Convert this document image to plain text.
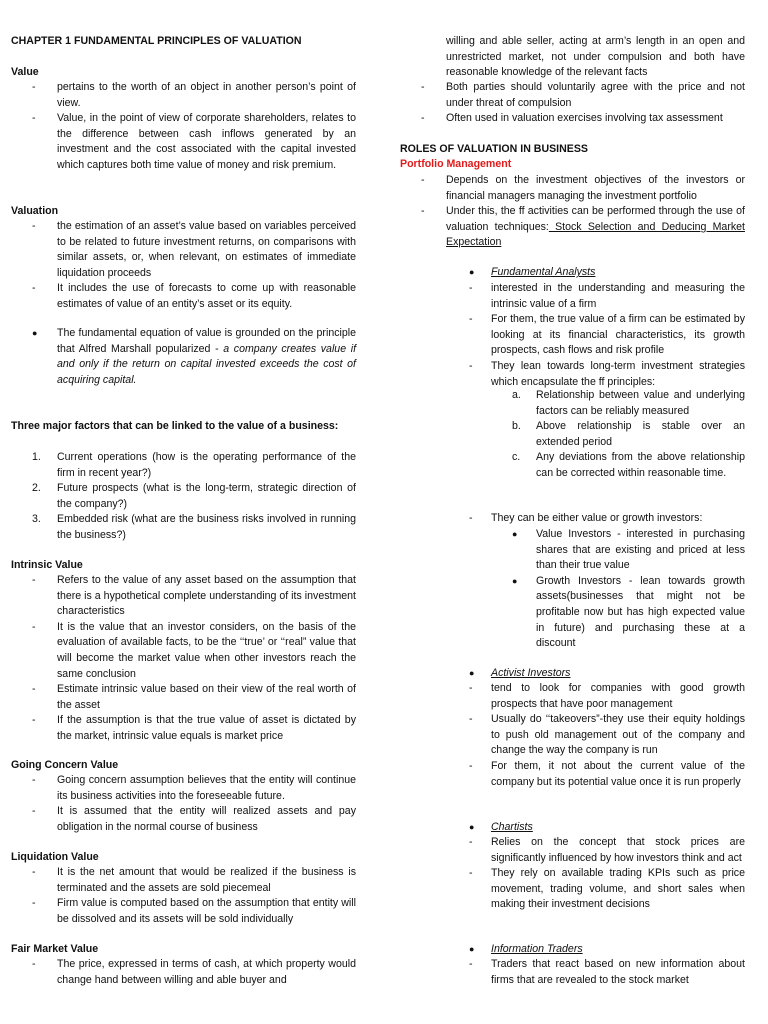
CHAPTER 1 FUNDAMENTAL PRINCIPLES OF VALUATION
Value
- pertains to the worth of an object in another person’s point of view.
- Value, in the point of view of corporate shareholders, relates to the difference between cash inflows generated by an investment and the cost associated with the capital invested which captures both time value of money and risk premium.
Valuation
- the estimation of an asset’s value based on variables perceived to be related to future investment returns, on comparisons with similar assets, or, when relevant, on estimates of immediate liquidation proceeds
- It includes the use of forecasts to come up with reasonable estimates of value of an entity’s asset or its equity.
● The fundamental equation of value is grounded on the principle that Alfred Marshall popularized - a company creates value if and only if the return on capital invested exceeds the cost of acquiring capital.
Three major factors that can be linked to the value of a business:
1. Current operations (how is the operating performance of the firm in recent year?)
2. Future prospects (what is the long-term, strategic direction of the company?)
3. Embedded risk (what are the business risks involved in running the business?)
Intrinsic Value
- Refers to the value of any asset based on the assumption that there is a hypothetical complete understanding of its investment characteristics
- It is the value that an investor considers, on the basis of the evaluation of available facts, to be the ‘‘true’ or ‘‘real” value that will become the market value when other investors reach the same conclusion
- Estimate intrinsic value based on their view of the real worth of the asset
- If the assumption is that the true value of asset is dictated by the market, intrinsic value equals is market price
Going Concern Value
- Going concern assumption believes that the entity will continue its business activities into the foreseeable future.
- It is assumed that the entity will realized assets and pay obligation in the normal course of business
Liquidation Value
- It is the net amount that would be realized if the business is terminated and the assets are sold piecemeal
- Firm value is computed based on the assumption that entity will be dissolved and its assets will be sold individually
Fair Market Value
- The price, expressed in terms of cash, at which property would change hand between willing and able buyer and
willing and able seller, acting at arm’s length in an open and unrestricted market, not under compulsion and both have reasonable knowledge of the relevant facts
- Both parties should voluntarily agree with the price and not under threat of compulsion
- Often used in valuation exercises involving tax assessment
ROLES OF VALUATION IN BUSINESS
Portfolio Management
- Depends on the investment objectives of the investors or financial managers managing the investment portfolio
- Under this, the ff activities can be performed through the use of valuation techniques: Stock Selection and Deducing Market Expectation
● Fundamental Analysts
- interested in the understanding and measuring the intrinsic value of a firm
- For them, the true value of a firm can be estimated by looking at its financial characteristics, its growth prospects, cash flows and risk profile
- They lean towards long-term investment strategies which encapsulate the ff principles:
a. Relationship between value and underlying factors can be reliably measured
b. Above relationship is stable over an extended period
c. Any deviations from the above relationship can be corrected within reasonable time.
- They can be either value or growth investors:
● Value Investors - interested in purchasing shares that are existing and priced at less than their true value
● Growth Investors - lean towards growth assets(businesses that might not be profitable now but has high expected value in future) and purchasing these at a discount
● Activist Investors
- tend to look for companies with good growth prospects that have poor management
- Usually do ‘‘takeovers”-they use their equity holdings to push old management out of the company and change the way the company is run
- For them, it not about the current value of the company but its potential value once it is run properly
● Chartists
- Relies on the concept that stock prices are significantly influenced by how investors think and act
- They rely on available trading KPIs such as price movement, trading volume, and short sales when making their investment decisions
● Information Traders
- Traders that react based on new information about firms that are revealed to the stock market
